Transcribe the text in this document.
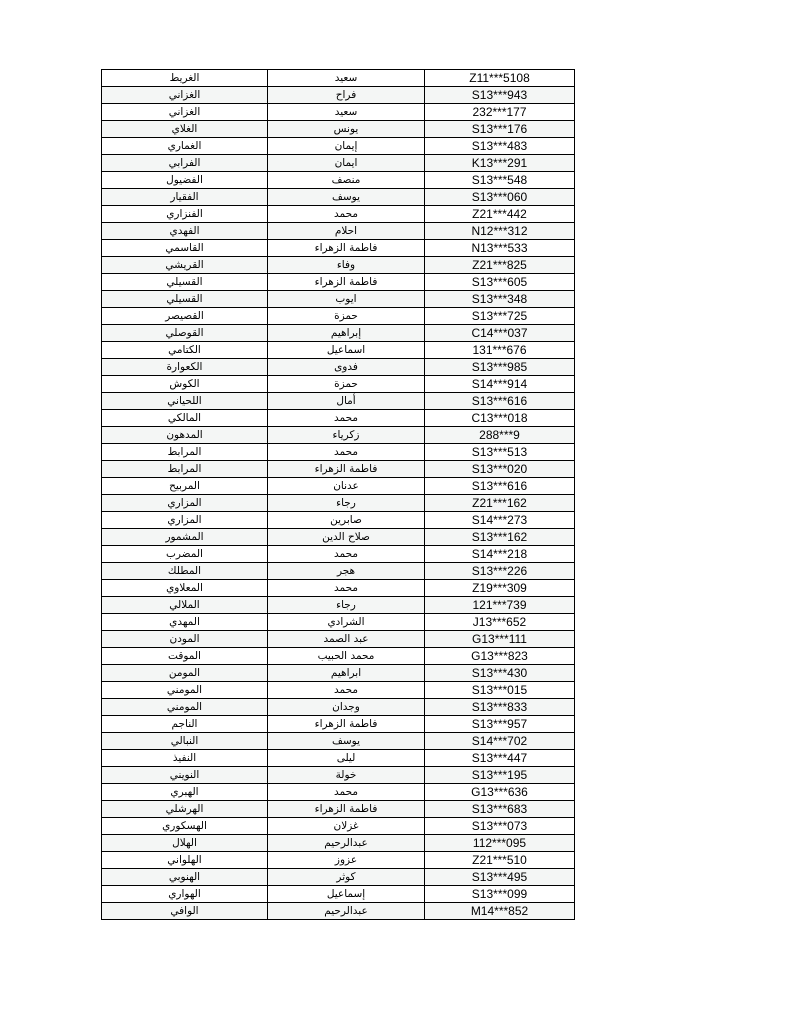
الغريط	سعيد	Z11***5108
الغزاني	فراح	S13***943
الغزاني	سعيد	232***177
الغلاي	يونس	S13***176
الغماري	إيمان	S13***483
الفرابي	ايمان	K13***291
الفضيول	منصف	S13***548
الفقيار	يوسف	S13***060
الفنزاري	محمد	Z21***442
الفهدي	احلام	N12***312
القاسمي	فاطمة الزهراء	N13***533
القريشي	وفاء	Z21***825
القسيلي	فاطمة الزهراء	S13***605
القسيلي	ايوب	S13***348
القصيصر	حمزة	S13***725
القوصلي	إبراهيم	C14***037
الكتامي	اسماعيل	131***676
الكعوارة	فدوى	S13***985
الكوش	حمزة	S14***914
اللحياني	أمال	S13***616
المالكي	محمد	C13***018
المدهون	زكرياء	288***9
المرابط	محمد	S13***513
المرابط	فاطمة الزهراء	S13***020
المربيح	عدنان	S13***616
المزاري	رجاء	Z21***162
المزاري	صابرين	S14***273
المشمور	صلاح الدين	S13***162
المضرب	محمد	S14***218
المطلك	هجر	S13***226
المعلاوي	محمد	Z19***309
الملالي	رجاء	121***739
المهدي	الشرادي	J13***652
المودن	عبد الصمد	G13***111
الموقت	محمد الحبيب	G13***823
المومن	ابراهيم	S13***430
المومني	محمد	S13***015
المومني	وجدان	S13***833
الناجم	فاطمة الزهراء	S13***957
النبالي	يوسف	S14***702
النفيذ	ليلى	S13***447
النويني	خولة	S13***195
الهبري	محمد	G13***636
الهرشلي	فاطمة الزهراء	S13***683
الهسكوري	غزلان	S13***073
الهلال	عبدالرحيم	112***095
الهلواني	عزوز	Z21***510
الهنوبي	كوثر	S13***495
الهواري	إسماعيل	S13***099
الوافي	عبدالرحيم	M14***852
